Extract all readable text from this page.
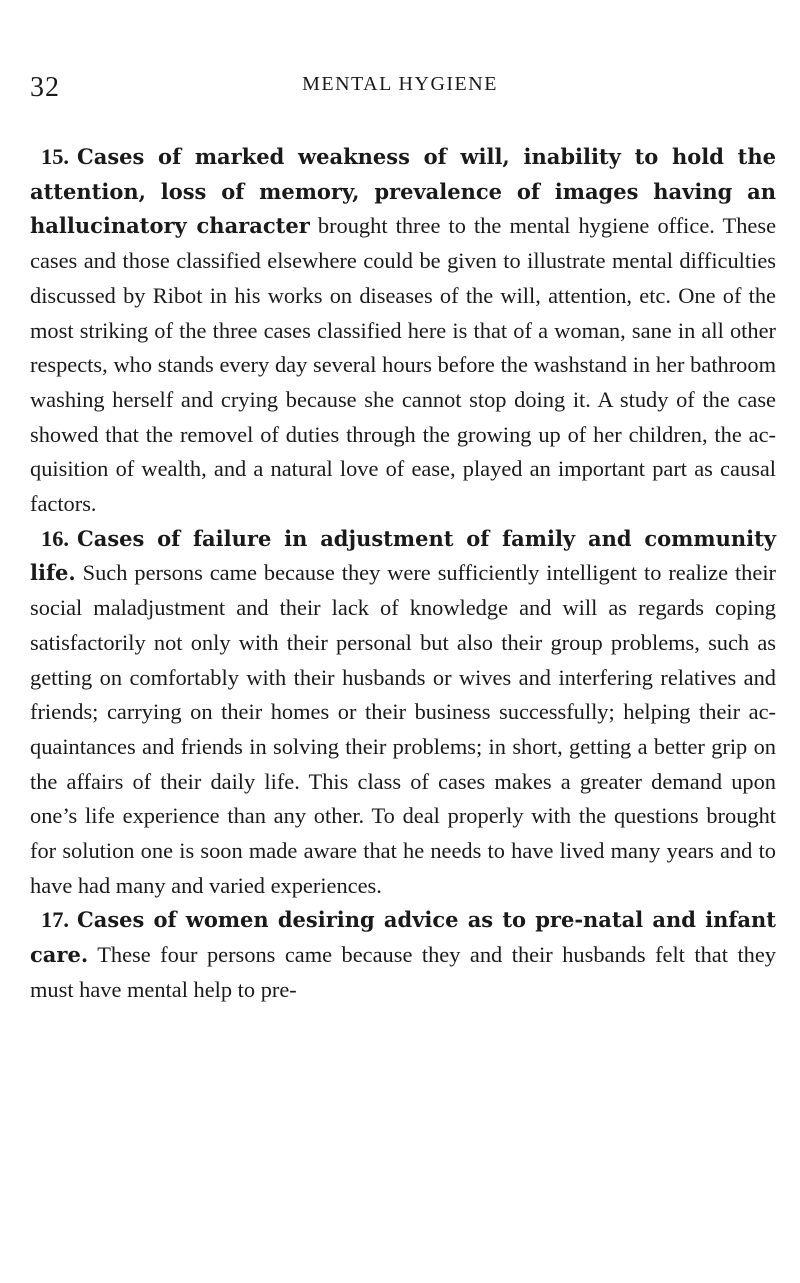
32	MENTAL HYGIENE

15. Cases of marked weakness of will, inability to hold the attention, loss of memory, prevalence of images having an hallucinatory character brought three to the mental hygiene office. These cases and those classified elsewhere could be given to illustrate mental difficulties discussed by Ribot in his works on diseases of the will, attention, etc. One of the most striking of the three cases classified here is that of a woman, sane in all other respects, who stands every day several hours before the washstand in her bathroom washing herself and crying because she cannot stop doing it. A study of the case showed that the removel of duties through the growing up of her children, the acquisition of wealth, and a natural love of ease, played an important part as causal factors.

16. Cases of failure in adjustment of family and community life. Such persons came because they were sufficiently intelligent to realize their social maladjustment and their lack of knowledge and will as regards coping satisfactorily not only with their personal but also their group problems, such as getting on comfortably with their husbands or wives and interfering relatives and friends; carrying on their homes or their business successfully; helping their acquaintances and friends in solving their problems; in short, getting a better grip on the affairs of their daily life. This class of cases makes a greater demand upon one’s life experience than any other. To deal properly with the questions brought for solution one is soon made aware that he needs to have lived many years and to have had many and varied experiences.

17. Cases of women desiring advice as to pre-natal and infant care. These four persons came because they and their husbands felt that they must have mental help to pre-
